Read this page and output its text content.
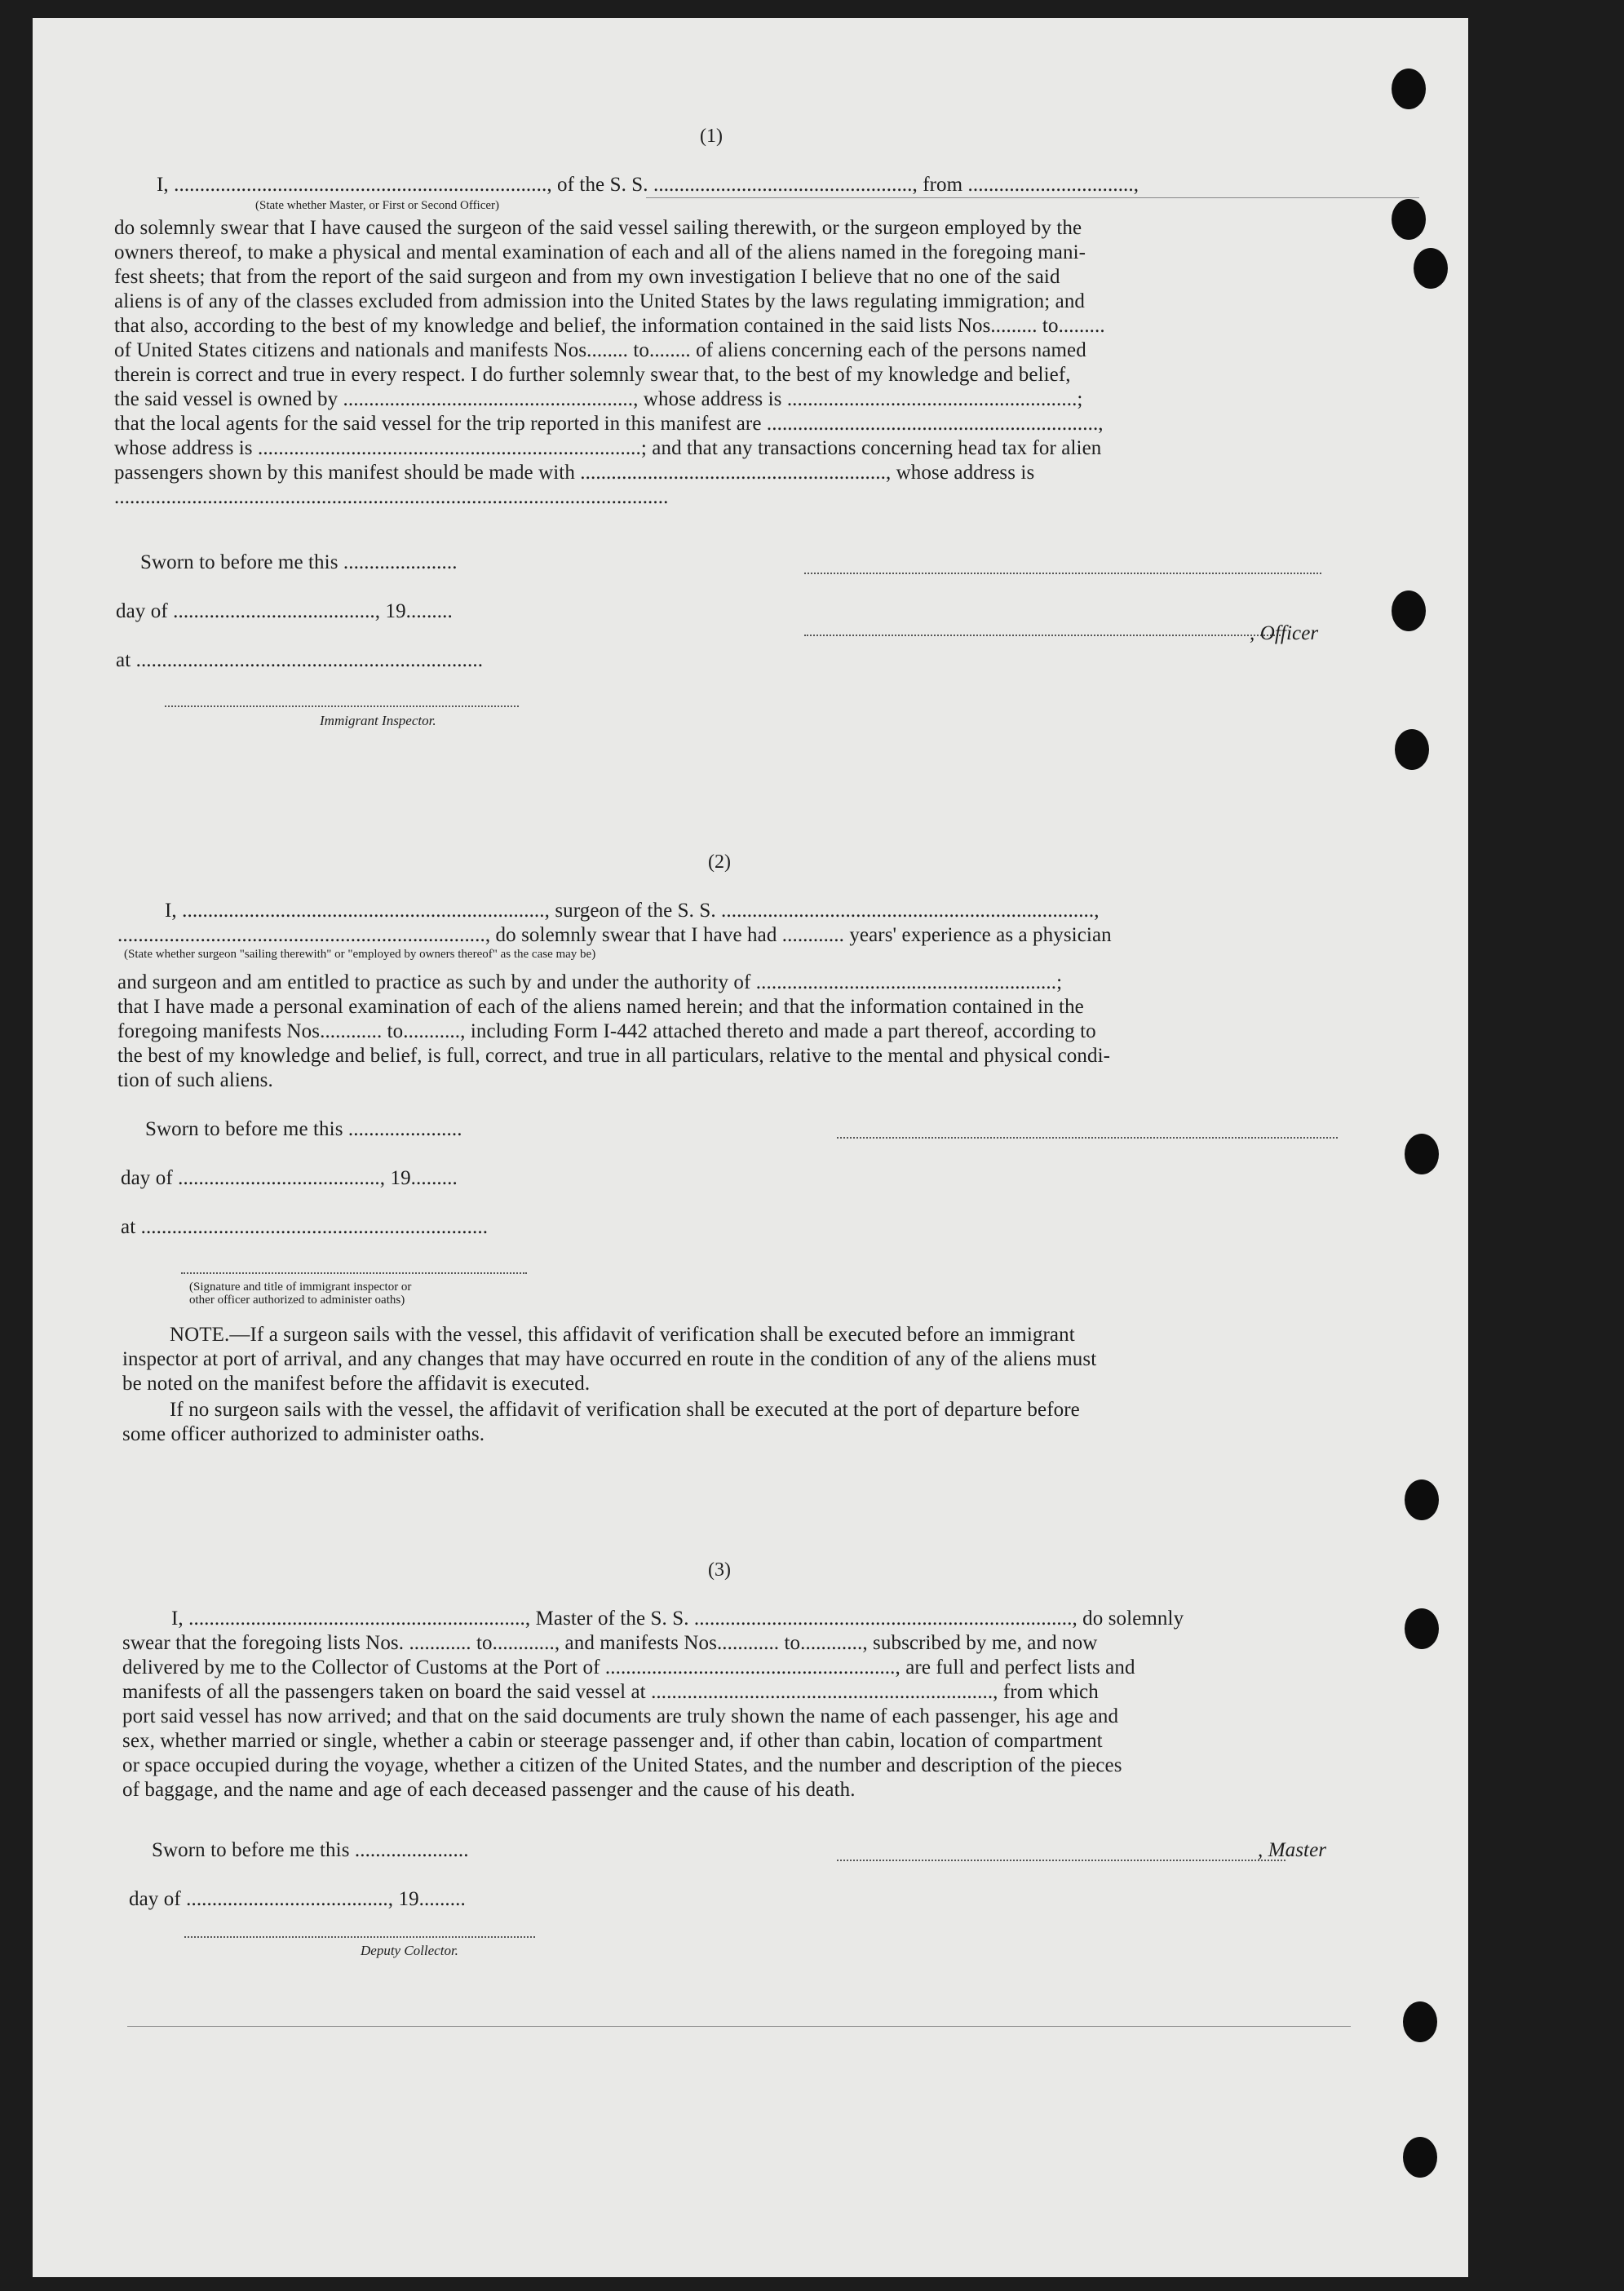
(1)
I, ........................................................................, of the S. S. .................................................., from ................................,
(State whether Master, or First or Second Officer)
do solemnly swear that I have caused the surgeon of the said vessel sailing therewith, or the surgeon employed by the
owners thereof, to make a physical and mental examination of each and all of the aliens named in the foregoing mani-
fest sheets; that from the report of the said surgeon and from my own investigation I believe that no one of the said
aliens is of any of the classes excluded from admission into the United States by the laws regulating immigration; and
that also, according to the best of my knowledge and belief, the information contained in the said lists Nos......... to.........
of United States citizens and nationals and manifests Nos........ to........ of aliens concerning each of the persons named
therein is correct and true in every respect. I do further solemnly swear that, to the best of my knowledge and belief,
the said vessel is owned by ........................................................, whose address is ........................................................;
that the local agents for the said vessel for the trip reported in this manifest are ................................................................,
whose address is ..........................................................................; and that any transactions concerning head tax for alien
passengers shown by this manifest should be made with ..........................................................., whose address is
...........................................................................................................
Sworn to before me this ......................
day of ......................................., 19.........
, Officer
at ...................................................................
Immigrant Inspector.
(2)
I, ......................................................................, surgeon of the S. S. ........................................................................,
......................................................................., do solemnly swear that I have had ............ years' experience as a physician
(State whether surgeon "sailing therewith" or "employed by owners thereof" as the case may be)
and surgeon and am entitled to practice as such by and under the authority of ..........................................................;
that I have made a personal examination of each of the aliens named herein; and that the information contained in the
foregoing manifests Nos............ to..........., including Form I-442 attached thereto and made a part thereof, according to
the best of my knowledge and belief, is full, correct, and true in all particulars, relative to the mental and physical condi-
tion of such aliens.
Sworn to before me this ......................
day of ......................................., 19.........
at ...................................................................
(Signature and title of immigrant inspector or
other officer authorized to administer oaths)
NOTE.—If a surgeon sails with the vessel, this affidavit of verification shall be executed before an immigrant
inspector at port of arrival, and any changes that may have occurred en route in the condition of any of the aliens must
be noted on the manifest before the affidavit is executed.
If no surgeon sails with the vessel, the affidavit of verification shall be executed at the port of departure before
some officer authorized to administer oaths.
(3)
I, ................................................................., Master of the S. S. ........................................................................., do solemnly
swear that the foregoing lists Nos. ............ to............, and manifests Nos............ to............, subscribed by me, and now
delivered by me to the Collector of Customs at the Port of ........................................................, are full and perfect lists and
manifests of all the passengers taken on board the said vessel at .................................................................., from which
port said vessel has now arrived; and that on the said documents are truly shown the name of each passenger, his age and
sex, whether married or single, whether a cabin or steerage passenger and, if other than cabin, location of compartment
or space occupied during the voyage, whether a citizen of the United States, and the number and description of the pieces
of baggage, and the name and age of each deceased passenger and the cause of his death.
Sworn to before me this ......................	, Master
day of ......................................., 19.........
Deputy Collector.
